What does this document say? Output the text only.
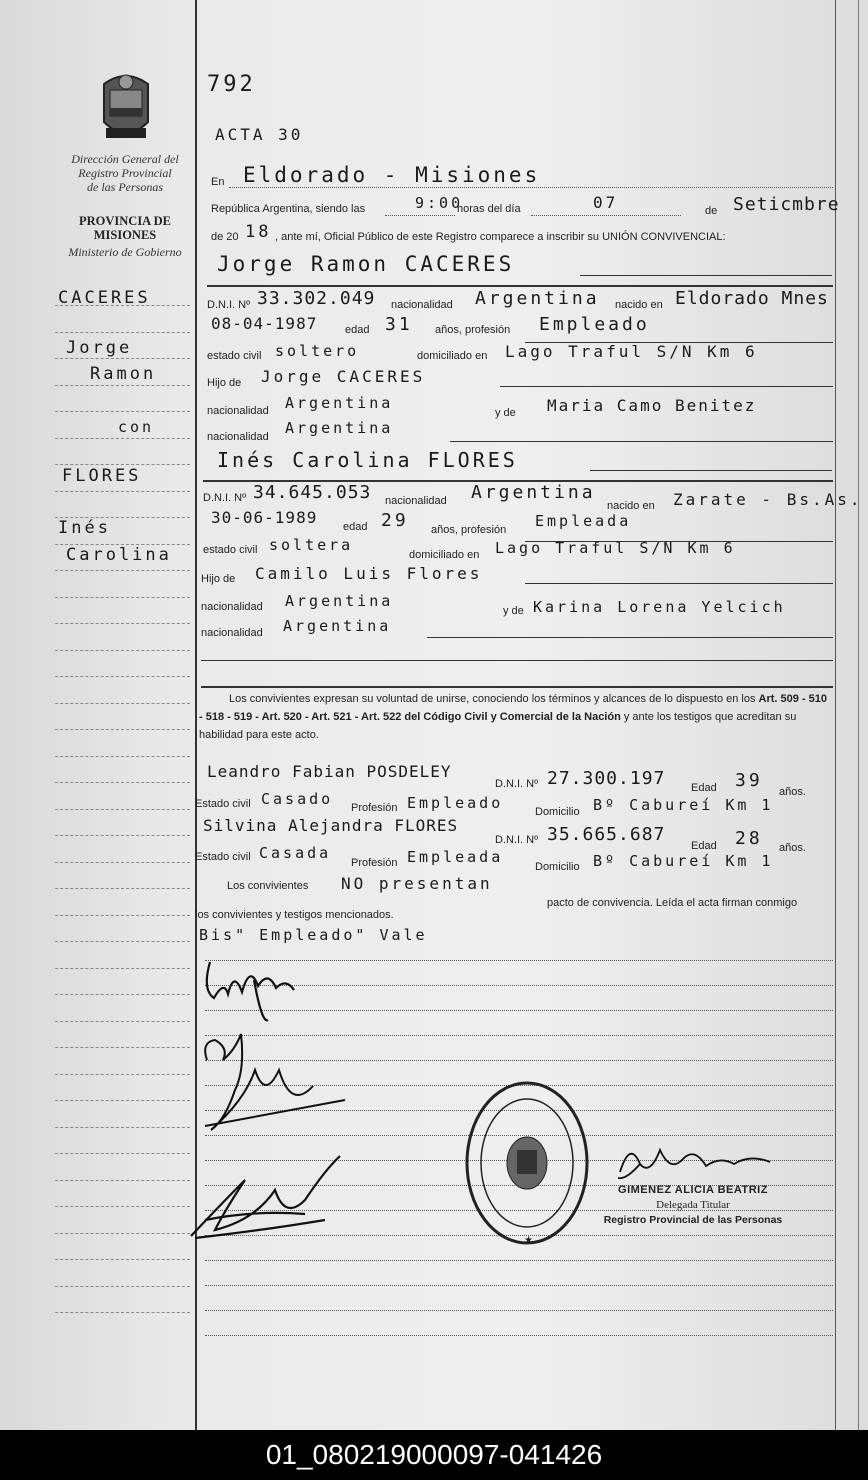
Dirección General del
Registro Provincial
de las Personas
PROVINCIA DE
MISIONES
Ministerio de Gobierno
CACERES
Jorge
Ramon
con
FLORES
Inés
Carolina
792
ACTA 30
En Eldorado - Misiones
República Argentina, siendo las	9:00
horas del día	07	de Seticmbre
de 20 18 , ante mí, Oficial Público de este Registro comparece a inscribir su UNIÓN CONVIVENCIAL:
Jorge Ramon CACERES
D.N.I. Nº 33.302.049 nacionalidad Argentina nacido en Eldorado Mnes
08-04-1987	edad 31 años, profesión Empleado
estado civil soltero	domiciliado en Lago Traful S/N Km 6
Hijo de Jorge CACERES
nacionalidad Argentina
y de Maria Camo Benitez
nacionalidad Argentina
Inés Carolina FLORES
D.N.I. Nº 34.645.053 nacionalidad Argentina
nacido en Zarate - Bs.As.
30-06-1989 edad 29 años, profesión Empleada
estado civil soltera
domiciliado en Lago Traful S/N Km 6
Hijo de Camilo Luis Flores
nacionalidad Argentina
y de Karina Lorena Yelcich
nacionalidad Argentina
Los convivientes expresan su voluntad de unirse, conociendo los términos y alcances de lo dispuesto en los Art. 509 - 510 - 518 - 519 - Art. 520 - Art. 521 - Art. 522 del Código Civil y Comercial de la Nación y ante los testigos que acreditan su habilidad para este acto.
Leandro Fabian POSDELEY
D.N.I. Nº 27.300.197 Edad 39
años.
Estado civil Casado Profesión Empleado	Domicilio Bº Cabureí Km 1
Silvina Alejandra FLORES
D.N.I. Nº 35.665.687
Edad 28 años.
Estado civil Casada
Profesión Empleada
Domicilio Bº Cabureí Km 1
Los convivientes NO presentan
pacto de convivencia. Leída el acta firman conmigo
los convivientes y testigos mencionados.
Bis" Empleado" Vale
★
GIMENEZ ALICIA BEATRIZ
Delegada Titular
Registro Provincial de las Personas
01_080219000097-041426
